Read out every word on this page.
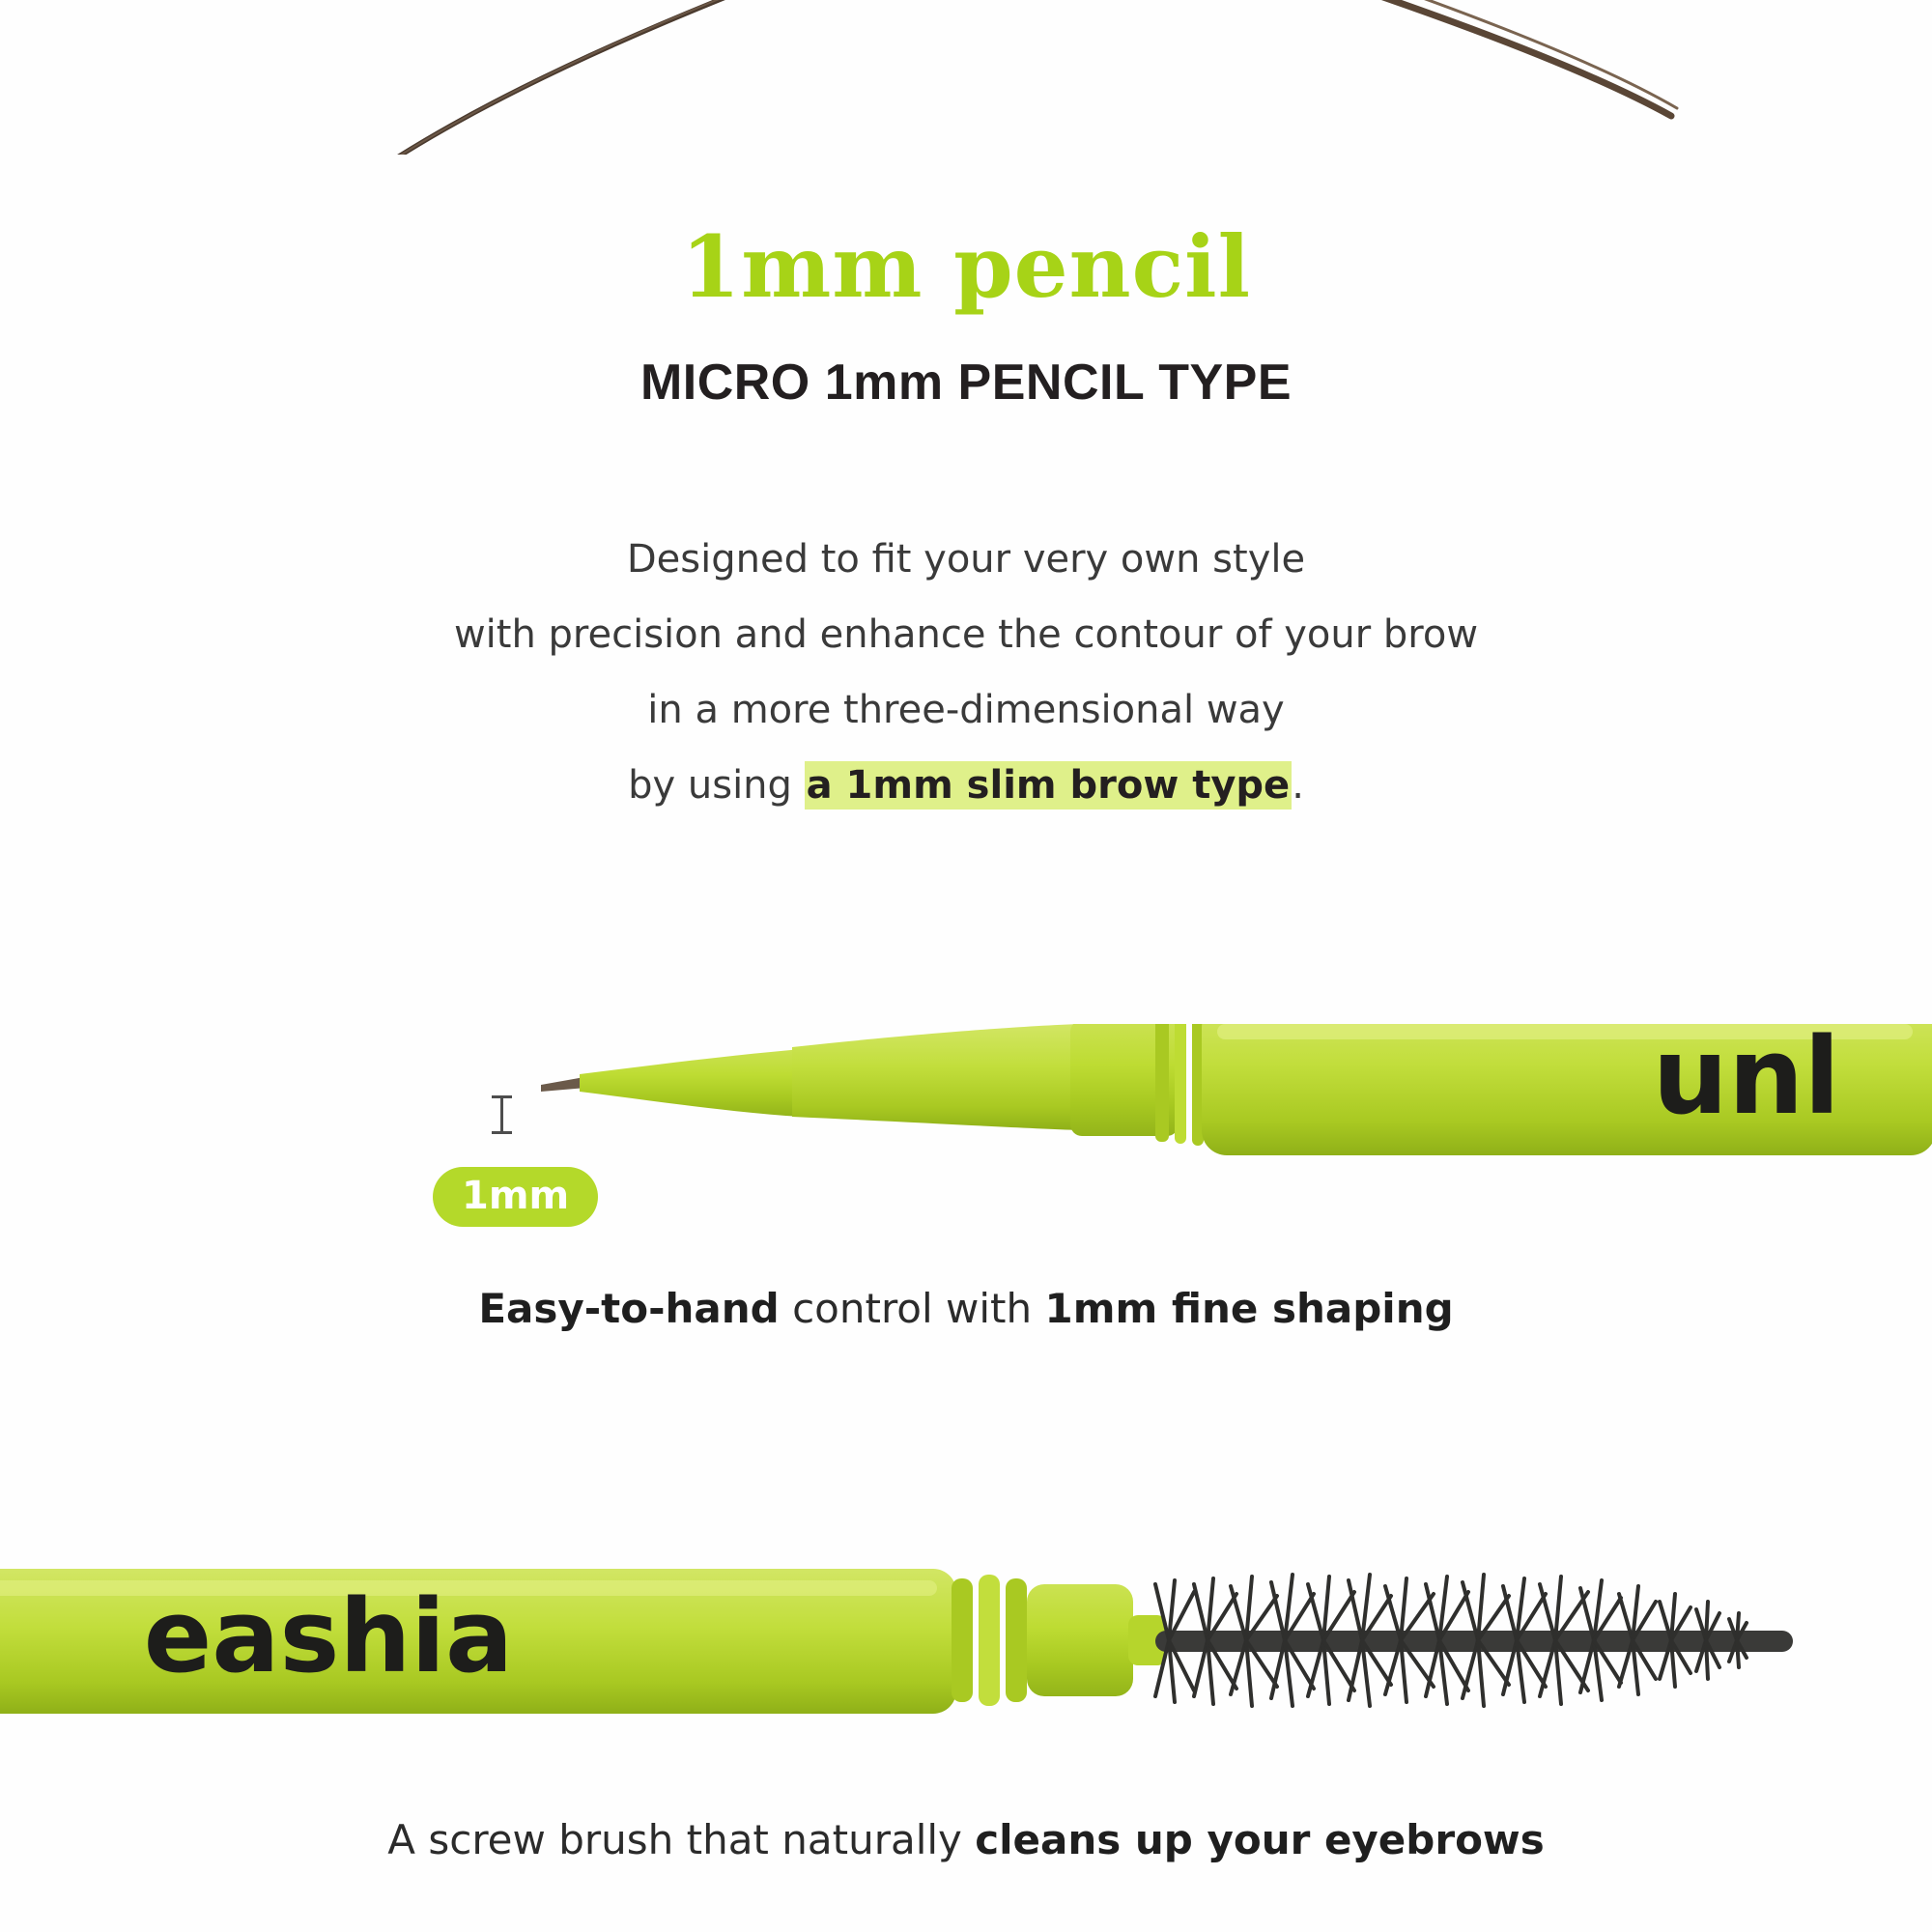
1mm pencil
MICRO 1mm PENCIL TYPE
Designed to fit your very own style
with precision and enhance the contour of your brow
in a more three-dimensional way
by using a 1mm slim brow type.
unl
1mm
Easy-to-hand control with 1mm fine shaping
eashia
A screw brush that naturally cleans up your eyebrows
